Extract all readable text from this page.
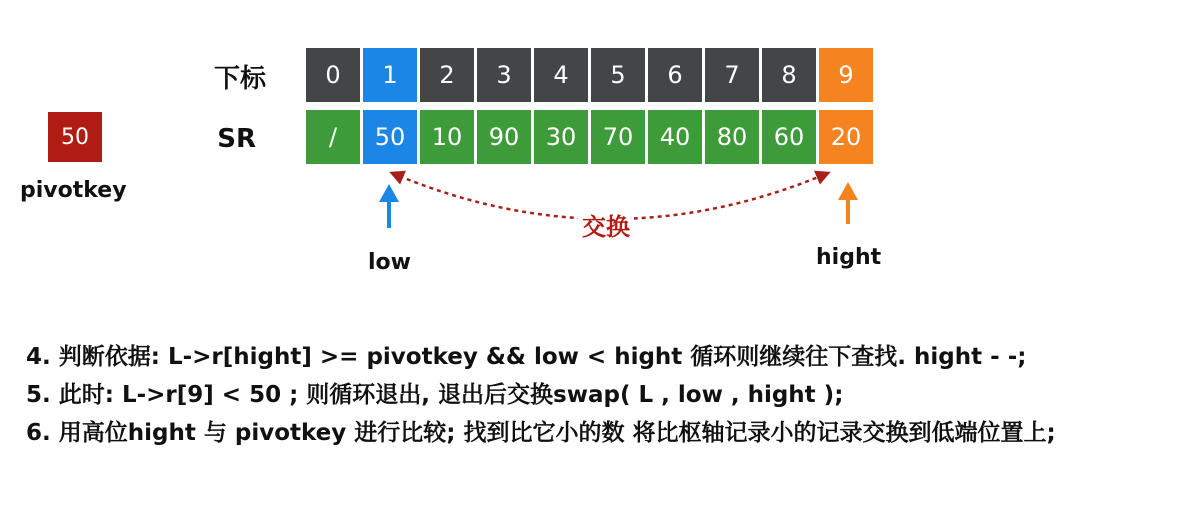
50
pivotkey
下标
SR
0	1	2	3	4	5	6	7	8	9
/	50	10	90	30	70	40	80	60	20
交换
low	hight
4. 判断依据: L->r[hight] >= pivotkey && low < hight 循环则继续往下查找. hight - -;
5. 此时: L->r[9] < 50 ; 则循环退出, 退出后交换swap( L , low , hight );
6. 用高位hight 与 pivotkey 进行比较; 找到比它小的数 将比枢轴记录小的记录交换到低端位置上;
